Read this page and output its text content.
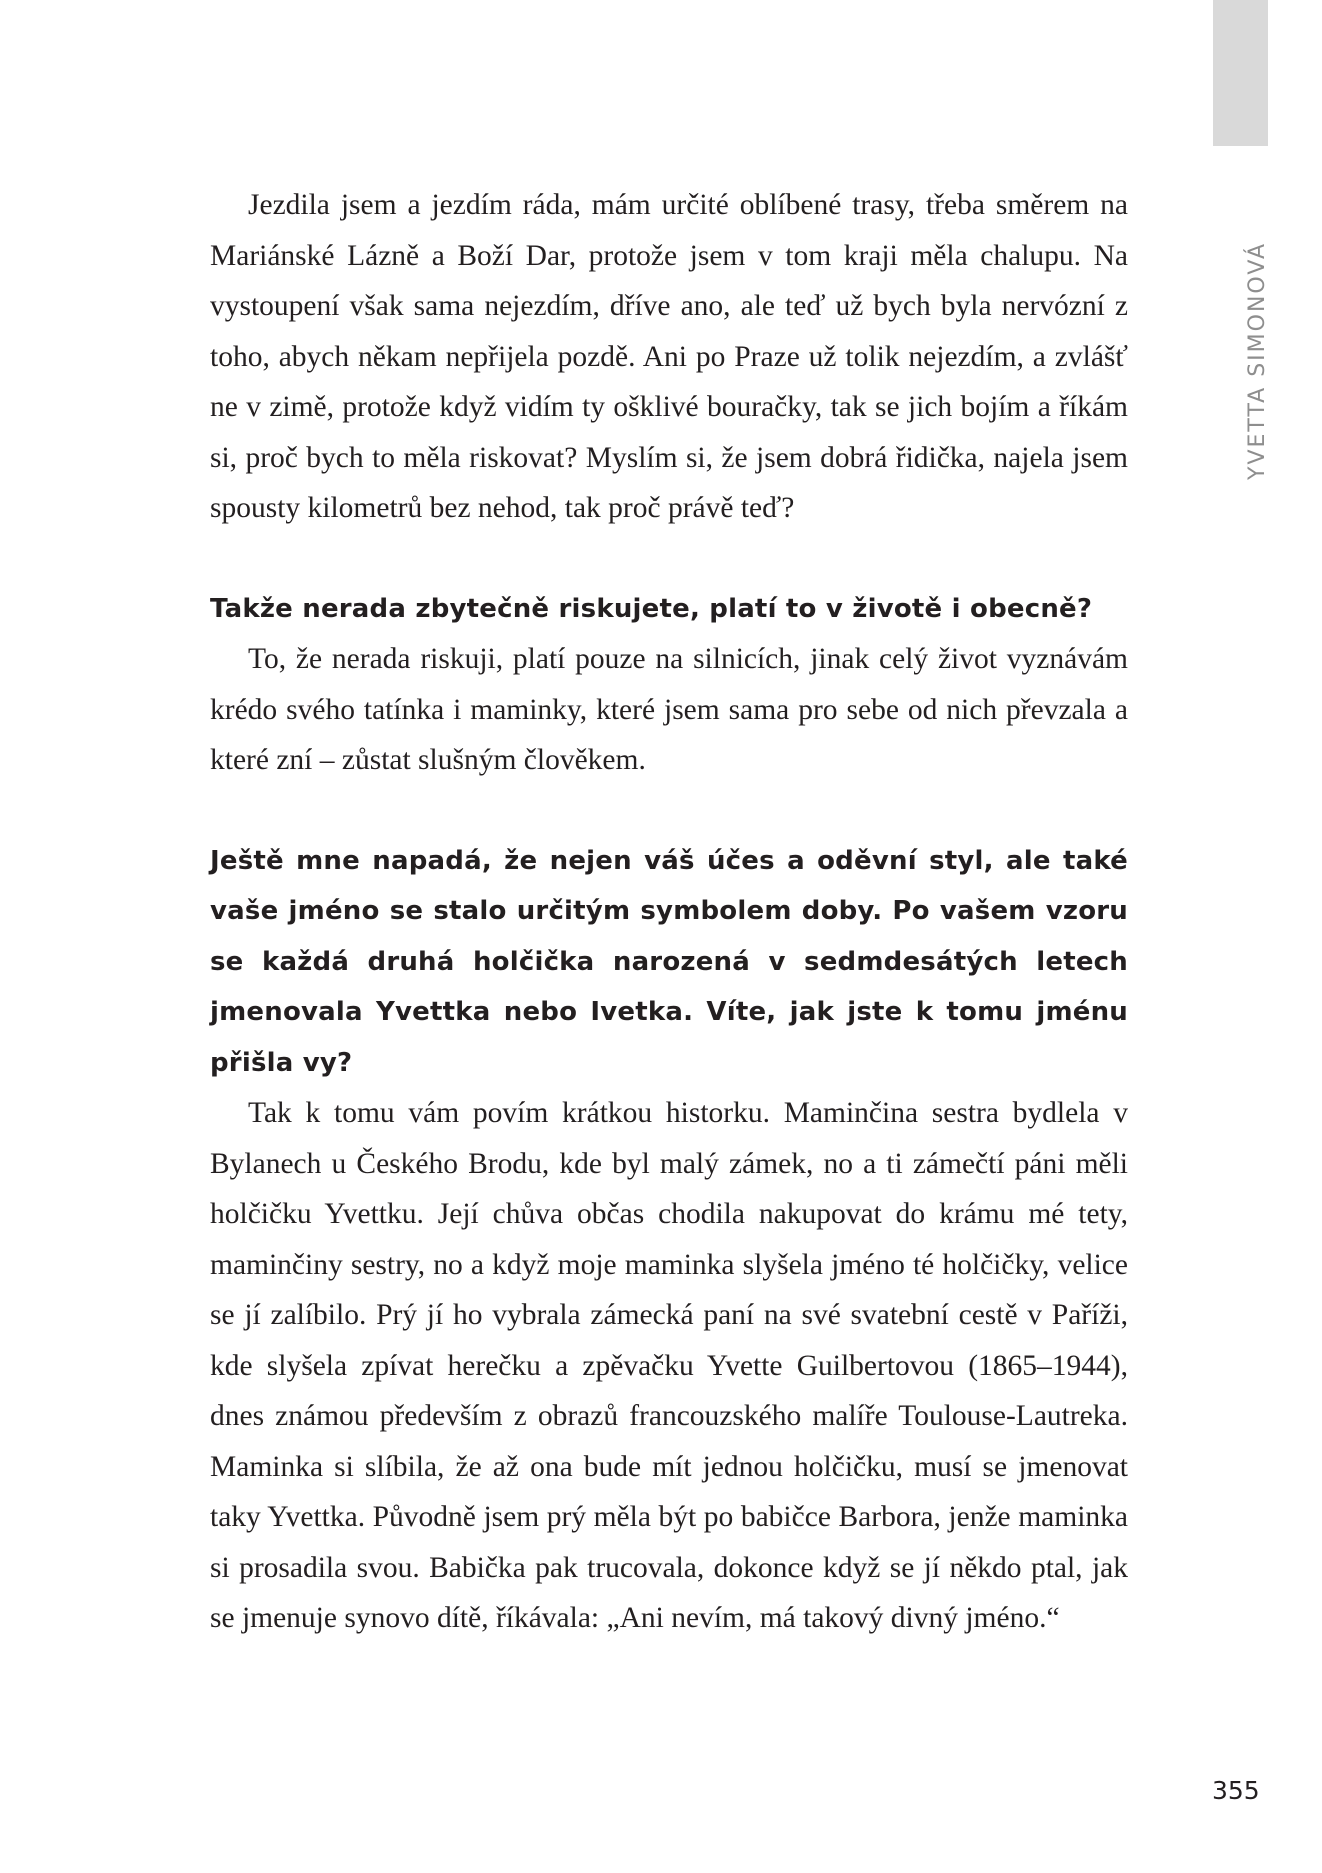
YVETTA SIMONOVÁ

Jezdila jsem a jezdím ráda, mám určité oblíbené trasy, třeba směrem na Mariánské Lázně a Boží Dar, protože jsem v tom kraji měla chalupu. Na vystoupení však sama nejezdím, dříve ano, ale teď už bych byla nervózní z toho, abych někam nepřijela pozdě. Ani po Praze už tolik nejezdím, a zvlášť ne v zimě, protože když vidím ty ošklivé bouračky, tak se jich bojím a říkám si, proč bych to měla riskovat? Myslím si, že jsem dobrá řidička, najela jsem spousty kilometrů bez nehod, tak proč právě teď?

Takže nerada zbytečně riskujete, platí to v životě i obecně?

To, že nerada riskuji, platí pouze na silnicích, jinak celý život vyznávám krédo svého tatínka i maminky, které jsem sama pro sebe od nich převzala a které zní – zůstat slušným člověkem.

Ještě mne napadá, že nejen váš účes a oděvní styl, ale také vaše jméno se stalo určitým symbolem doby. Po vašem vzoru se každá druhá holčička narozená v sedmdesátých letech jmenovala Yvettka nebo Ivetka. Víte, jak jste k tomu jménu přišla vy?

Tak k tomu vám povím krátkou historku. Maminčina sestra bydlela v Bylanech u Českého Brodu, kde byl malý zámek, no a ti zámečtí páni měli holčičku Yvettku. Její chůva občas chodila nakupovat do krámu mé tety, maminčiny sestry, no a když moje maminka slyšela jméno té holčičky, velice se jí zalíbilo. Prý jí ho vybrala zámecká paní na své svatební cestě v Paříži, kde slyšela zpívat herečku a zpěvačku Yvette Guilbertovou (1865–1944), dnes známou především z obrazů francouzského malíře Toulouse-Lautreka. Maminka si slíbila, že až ona bude mít jednou holčičku, musí se jmenovat taky Yvettka. Původně jsem prý měla být po babičce Barbora, jenže maminka si prosadila svou. Babička pak trucovala, dokonce když se jí někdo ptal, jak se jmenuje synovo dítě, říkávala: „Ani nevím, má takový divný jméno.“

355
